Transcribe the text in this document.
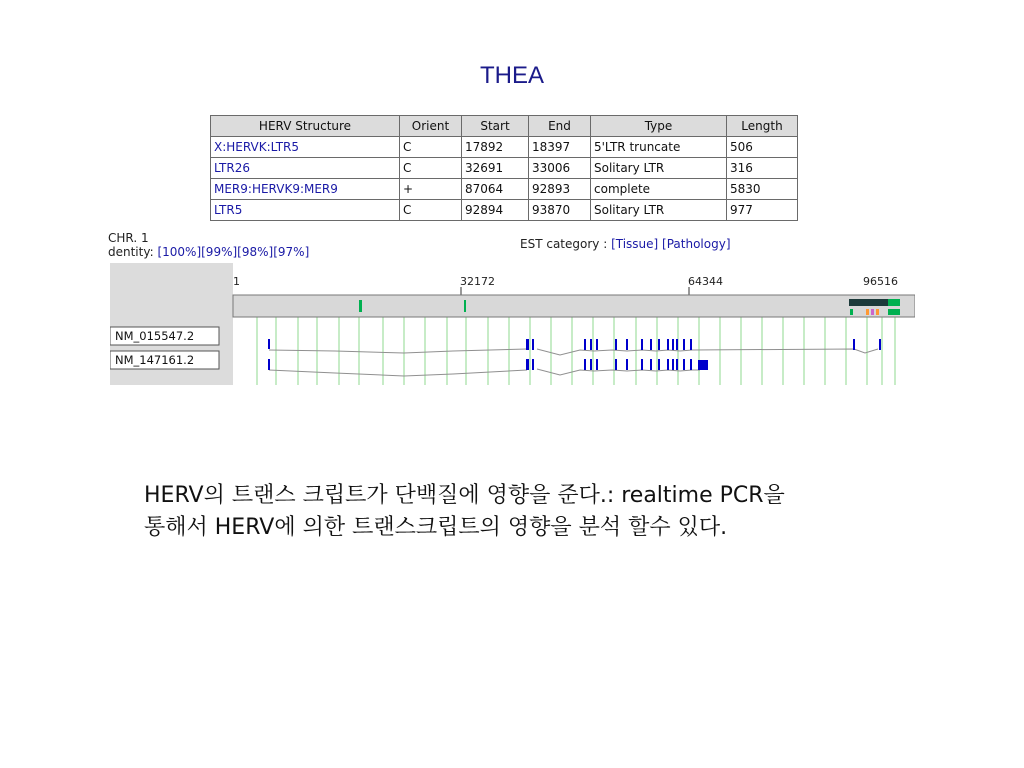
THEA
HERV Structure	Orient	Start	End	Type	Length
X:HERVK:LTR5	C	17892	18397	5'LTR truncate	506
LTR26	C	32691	33006	Solitary LTR	316
MER9:HERVK9:MER9	+	87064	92893	complete	5830
LTR5	C	92894	93870	Solitary LTR	977
CHR. 1
dentity: [100%][99%][98%][97%]
EST category : [Tissue] [Pathology]
1	32172	64344	96516
NM_015547.2
NM_147161.2
HERV의 트랜스 크립트가 단백질에 영향을 준다.: realtime PCR을
통해서 HERV에 의한 트랜스크립트의 영향을 분석 할수 있다.
